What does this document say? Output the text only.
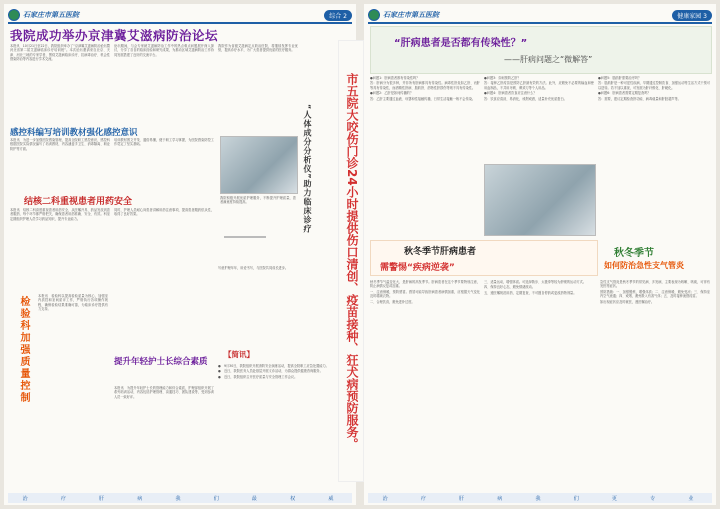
石家庄市第五医院	综合 2
我院成功举办京津冀艾滋病防治论坛

本报讯　10月21日至22日，我院组织举办了“京津冀艾滋病防治论坛暨河北省第二届艾滋病临床诊疗培训班”。本次论坛邀请来自北京、天津、河北三地的专家学者，围绕艾滋病临床诊疗、抗病毒治疗、机会性感染防治等内容进行学术交流。

论坛期间，与会专家就艾滋病防治工作中的热点难点问题展开深入探讨，分享了各自的临床经验和研究成果，为推动区域艾滋病防治工作协同发展搭建了良好的交流平台。

我院作为省级艾滋病定点收治医院，将继续发挥专业优势，提高诊疗水平，为广大患者提供优质的医疗服务。

感控科编写培训教材强化感控意识

本报讯　为进一步加强医院感染管理，提高全院职工感控意识，感控科根据医院实际情况编写了培训教材，内容涵盖手卫生、消毒隔离、职业防护等方面。

培训教材图文并茂、通俗易懂，便于职工学习掌握，为医院感染防控工作奠定了坚实基础。

结核二科重视患者用药安全

本报讯　结核二科高度重视患者用药安全，从医嘱开具、药品发放到患者服药，每个环节都严格把关，确保患者用药准确、安全、有效。科室定期组织护理人员学习药品知识，提升专业能力。

同时，护理人员耐心向患者讲解用药注意事项，提高患者服药依从性，取得了良好效果。

我院积极开展优质护理服务，不断提升护理质量，患者满意度持续提高。

检验科加强质量控制	本报讯　检验科以提高检验质量为核心，加强室内质控和室间质评工作，严格执行各项操作规程，确保检验结果准确可靠，为临床诊疗提供有力支持。

提升年轻护士长综合素质

本报讯　为提升年轻护士长的管理能力和综合素质，护理部组织开展了系列培训活动，内容包括护理管理、沟通技巧、团队建设等，受到参训人员一致好评。

写意护理年年，用爱书写，与医院共同成长进步。

“人体成分分析仪”助力临床诊疗
【简讯】

●　9月30日，我院组织开展消防安全演练活动，提高全院职工应急处置能力。

●　近日，我院医务人员赴基层开展义诊活动，为群众提供健康咨询服务。

●　近日，我院组织召开医疗质量与安全管理工作会议。

治	疗	肝	病	我	们	最	权	威
市五院大咬伤门诊24小时提供伤口清创、疫苗接种、狂犬病预防服务。
石家庄市第五医院	健康家园 3
“肝病患者是否都有传染性？”
——肝病问题之“微解答”

●问题1：肝病患者都有传染性吗？

答：肝病分为很多种，并非所有肝病都具有传染性。病毒性肝炎如乙肝、丙肝等具有传染性，而酒精性肝病、脂肪肝、药物性肝损伤等则不具有传染性。

●问题2：乙肝是如何传播的？

答：乙肝主要通过血液、母婴和性接触传播，日常生活接触一般不会传染。

●问题3：如何预防乙肝？

答：接种乙肝疫苗是预防乙肝最有效的方法。此外，应避免不必要的输血和使用血制品，不共用牙刷、剃须刀等个人用品。

●问题4：肝病患者饮食应注意什么？

答：饮食应清淡、易消化，戒烟戒酒，适量补充优质蛋白。

●问题5：脂肪肝需要治疗吗？

答：脂肪肝是一种可逆性疾病，早期通过控制饮食、加强运动等生活方式干预可以逆转。若不加以重视，可发展为肝纤维化、肝硬化。

●问题6：肝病患者需要定期复查吗？

答：需要，建议定期检查肝功能、病毒载量和肝脏超声等。

秋冬季节肝病患者
需警惕“疾病逆袭”

秋冬季节气温变化大，是肝病的高发季节。肝病患者在这个季节要特别注意，防止病情反复或加重。

一、注意保暖，预防感冒。感冒可能导致肝病患者病情加重，应根据天气变化及时增减衣物。

二、合理饮食，避免进补过度。

三、适量运动，增强体质。可选择散步、太极拳等较为舒缓的运动方式。

四、保持良好心态，避免情绪波动。

五、遵医嘱规范用药，定期复查，不可擅自停药或更改药物剂量。

秋冬季节
如何防治急性支气管炎

急性支气管炎是秋冬季节的常见病、多发病，主要表现为咳嗽、咳痰，可伴有发热等症状。

预防措施：一、加强锻炼，增强体质；二、注意保暖，避免受凉；三、保持室内空气流通；四、戒烟，避免吸入有害气体；五、及时接种流感疫苗。

如出现症状应及时就医，遵医嘱治疗。

治	疗	肝	病	我	们	更	专	业
